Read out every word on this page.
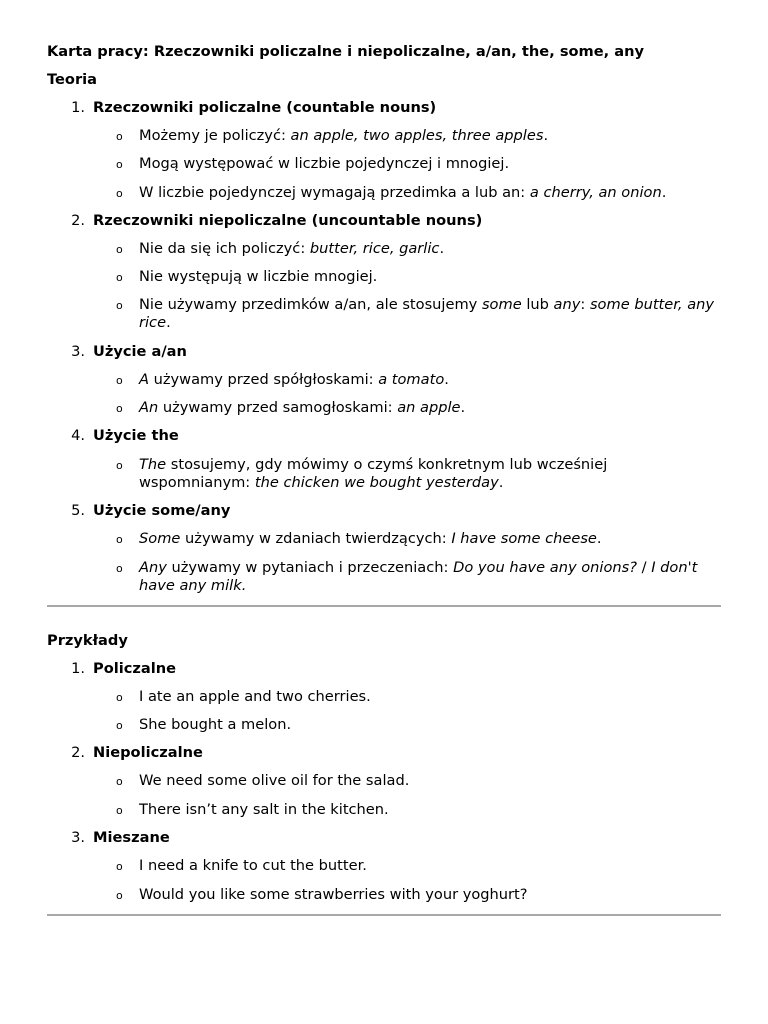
Karta pracy: Rzeczowniki policzalne i niepoliczalne, a/an, the, some, any
Teoria
1. Rzeczowniki policzalne (countable nouns)
o Możemy je policzyć: an apple, two apples, three apples.
o Mogą występować w liczbie pojedynczej i mnogiej.
o W liczbie pojedynczej wymagają przedimka a lub an: a cherry, an onion.
2. Rzeczowniki niepoliczalne (uncountable nouns)
o Nie da się ich policzyć: butter, rice, garlic.
o Nie występują w liczbie mnogiej.
o Nie używamy przedimków a/an, ale stosujemy some lub any: some butter, any rice.
3. Użycie a/an
o A używamy przed spółgłoskami: a tomato.
o An używamy przed samogłoskami: an apple.
4. Użycie the
o The stosujemy, gdy mówimy o czymś konkretnym lub wcześniej wspomnianym: the chicken we bought yesterday.
5. Użycie some/any
o Some używamy w zdaniach twierdzących: I have some cheese.
o Any używamy w pytaniach i przeczeniach: Do you have any onions? / I don't have any milk.
Przykłady
1. Policzalne
o I ate an apple and two cherries.
o She bought a melon.
2. Niepoliczalne
o We need some olive oil for the salad.
o There isn’t any salt in the kitchen.
3. Mieszane
o I need a knife to cut the butter.
o Would you like some strawberries with your yoghurt?
